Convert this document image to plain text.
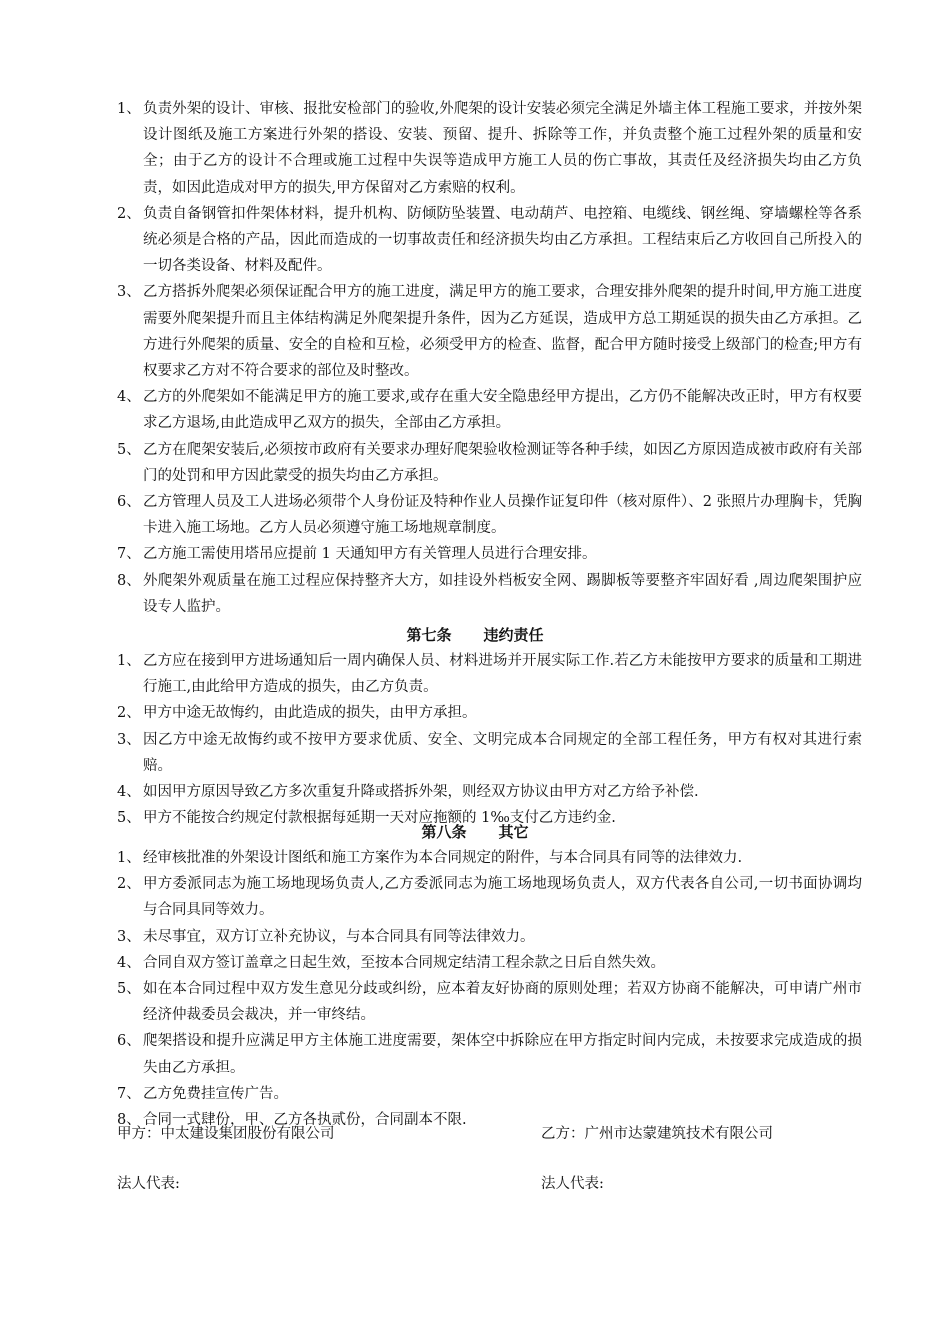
1、 负责外架的设计、审核、报批安检部门的验收,外爬架的设计安装必须完全满足外墙主体工程施工要求，并按外架设计图纸及施工方案进行外架的搭设、安装、预留、提升、拆除等工作，并负责整个施工过程外架的质量和安全；由于乙方的设计不合理或施工过程中失误等造成甲方施工人员的伤亡事故，其责任及经济损失均由乙方负责，如因此造成对甲方的损失,甲方保留对乙方索赔的权利。
2、 负责自备钢管扣件架体材料，提升机构、防倾防坠装置、电动葫芦、电控箱、电缆线、钢丝绳、穿墙螺栓等各系统必须是合格的产品，因此而造成的一切事故责任和经济损失均由乙方承担。工程结束后乙方收回自己所投入的一切各类设备、材料及配件。
3、 乙方搭拆外爬架必须保证配合甲方的施工进度，满足甲方的施工要求，合理安排外爬架的提升时间,甲方施工进度需要外爬架提升而且主体结构满足外爬架提升条件，因为乙方延误，造成甲方总工期延误的损失由乙方承担。乙方进行外爬架的质量、安全的自检和互检，必须受甲方的检查、监督，配合甲方随时接受上级部门的检查;甲方有权要求乙方对不符合要求的部位及时整改。
4、 乙方的外爬架如不能满足甲方的施工要求,或存在重大安全隐患经甲方提出，乙方仍不能解决改正时，甲方有权要求乙方退场,由此造成甲乙双方的损失，全部由乙方承担。
5、 乙方在爬架安装后,必须按市政府有关要求办理好爬架验收检测证等各种手续，如因乙方原因造成被市政府有关部门的处罚和甲方因此蒙受的损失均由乙方承担。
6、 乙方管理人员及工人进场必须带个人身份证及特种作业人员操作证复印件（核对原件）、2 张照片办理胸卡，凭胸卡进入施工场地。乙方人员必须遵守施工场地规章制度。
7、 乙方施工需使用塔吊应提前 1 天通知甲方有关管理人员进行合理安排。
8、 外爬架外观质量在施工过程应保持整齐大方，如挂设外档板安全网、踢脚板等要整齐牢固好看 ,周边爬架围护应设专人监护。
第七条 违约责任
1、 乙方应在接到甲方进场通知后一周内确保人员、材料进场并开展实际工作.若乙方未能按甲方要求的质量和工期进行施工,由此给甲方造成的损失，由乙方负责。
2、 甲方中途无故悔约，由此造成的损失，由甲方承担。
3、 因乙方中途无故悔约或不按甲方要求优质、安全、文明完成本合同规定的全部工程任务，甲方有权对其进行索赔。
4、 如因甲方原因导致乙方多次重复升降或搭拆外架，则经双方协议由甲方对乙方给予补偿.
5、 甲方不能按合约规定付款根据每延期一天对应拖额的 1‰支付乙方违约金.
第八条 其它
1、 经审核批准的外架设计图纸和施工方案作为本合同规定的附件，与本合同具有同等的法律效力.
2、 甲方委派同志为施工场地现场负责人,乙方委派同志为施工场地现场负责人，双方代表各自公司,一切书面协调均与合同具同等效力。
3、 未尽事宜，双方订立补充协议，与本合同具有同等法律效力。
4、 合同自双方签订盖章之日起生效，至按本合同规定结清工程余款之日后自然失效。
5、 如在本合同过程中双方发生意见分歧或纠纷，应本着友好协商的原则处理；若双方协商不能解决，可申请广州市经济仲裁委员会裁决，并一审终结。
6、 爬架搭设和提升应满足甲方主体施工进度需要，架体空中拆除应在甲方指定时间内完成，未按要求完成造成的损失由乙方承担。
7、 乙方免费挂宣传广告。
8、 合同一式肆份，甲、乙方各执贰份，合同副本不限.
甲方：中太建设集团股份有限公司	乙方：广州市达蒙建筑技术有限公司
法人代表:	法人代表:
